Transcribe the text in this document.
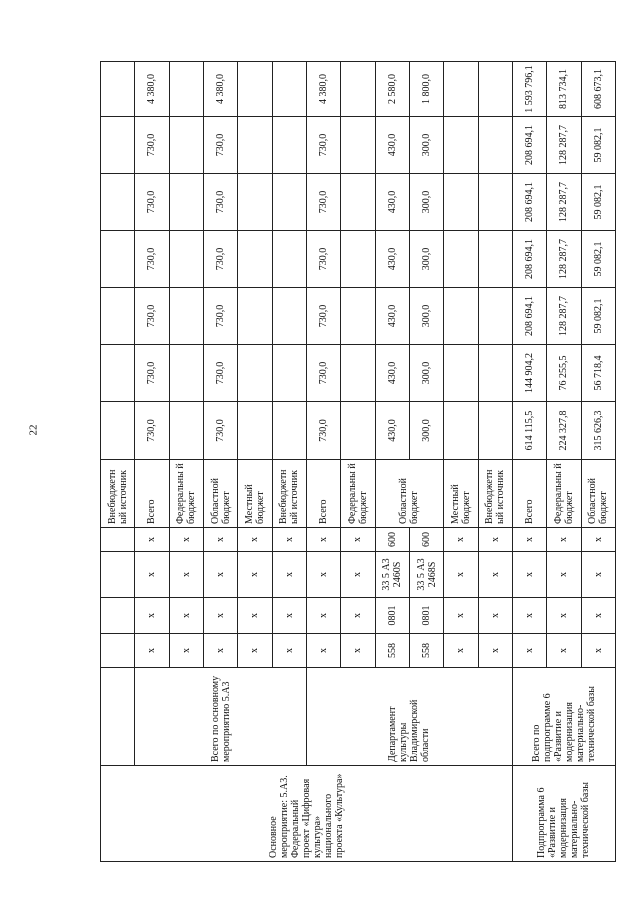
22
Основное мероприятие: 5.А3. Федеральный проект «Цифровая культура» национального проекта «Культура»						Внебюджетн ый источник							
	Всего по основному мероприятию 5.А3	x	x	x	x	Всего	730,0	730,0	730,0	730,0	730,0	730,0	4 380,0
		x	x	x	x	Федеральны й бюджет							
		x	x	x	x	Областной бюджет	730,0	730,0	730,0	730,0	730,0	730,0	4 380,0
		x	x	x	x	Местный бюджет							
		x	x	x	x	Внебюджетн ый источник							
	Департамент культуры Владимирской области	x	x	x	x	Всего	730,0	730,0	730,0	730,0	730,0	730,0	4 380,0
		x	x	x	x	Федеральны й бюджет							
		558	0801	33 5 А3 2460S	600	Областной бюджет	430,0	430,0	430,0	430,0	430,0	430,0	2 580,0
		558	0801	33 5 А3 2468S	600		300,0	300,0	300,0	300,0	300,0	300,0	1 800,0
		x	x	x	x	Местный бюджет							
		x	x	x	x	Внебюджетн ый источник							
Подпрограмма 6 «Развитие и модернизация материально-технической базы	Всего по подпрограмме 6 «Развитие и модернизация материально-технической базы	x	x	x	x	Всего	614 115,5	144 904,2	208 694,1	208 694,1	208 694,1	208 694,1	1 593 796,1
		x	x	x	x	Федеральны й бюджет	224 327,8	76 255,5	128 287,7	128 287,7	128 287,7	128 287,7	813 734,1
		x	x	x	x	Областной бюджет	315 626,3	56 718,4	59 082,1	59 082,1	59 082,1	59 082,1	608 673,1
